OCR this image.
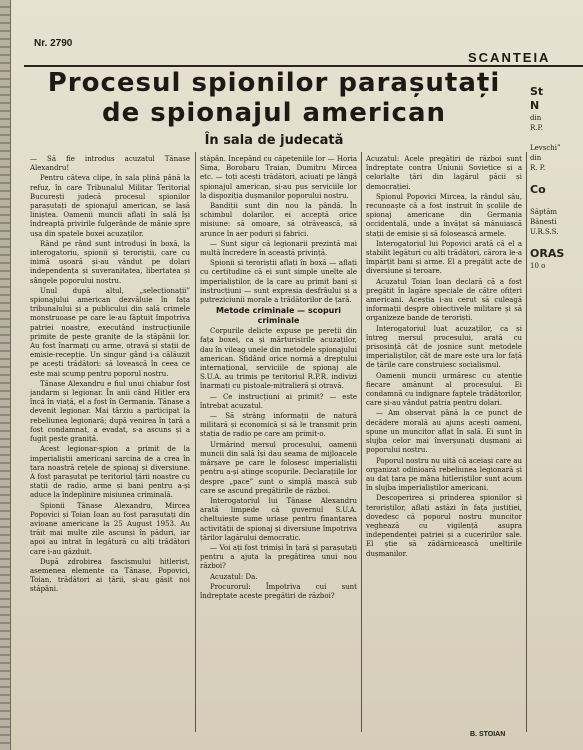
Nr. 2790
SCANTEIA
Procesul spionilor parașutați
de spionajul american
În sala de judecată

— Să fie introdus acuzatul Tănase Alexandru!

Pentru câteva clipe, în sala plină până la refuz, în care Tribunalul Militar Teritorial București judecă procesul spionilor parașutați de spionajul american, se lasă liniștea. Oamenii muncii aflați în sală își îndreaptă privirile fulgerânde de mânie spre ușa din spatele boxei acuzaților.

Rând pe rând sunt introduși în boxă, la interogatoriu, spionii și teroriștii, care cu inimă ușoară și-au vândut pe dolari independența și suveranitatea, libertatea și sângele poporului nostru.

Unul după altul, „selecționații” spionajului american dezvăluie în fața tribunalului și a publicului din sală crimele monstruoase pe care le-au făptuit împotriva patriei noastre, executând instrucțiunile primite de peste granițe de la stăpânii lor. Au fost înarmați cu arme, otravă și stații de emisie-recepție. Un singur gând i-a călăuzit pe acești trădători: să lovească în ceea ce este mai scump pentru poporul nostru.

Tănase Alexandru e fiul unui chiabur fost jandarm și legionar. În anii când Hitler era încă în viață, el a fost în Germania. Tănase a devenit legionar. Mai târziu a participat la rebeliunea legionară; după venirea în țară a fost condamnat, a evadat, s-a ascuns și a fugit peste graniță.

Acest legionar-spion a primit de la imperialiștii americani sarcina de a crea în țara noastră rețele de spionaj și diversiune. A fost parașutat pe teritoriul țării noastre cu stații de radio, arme și bani pentru a-și aduce la îndeplinire misiunea criminală.

Spionii Tănase Alexandru, Mircea Popovici și Toian Ioan au fost parașutați din avioane americane la 25 August 1953. Au trăit mai multe zile ascunși în păduri, iar apoi au intrat în legătură cu alți trădători care i-au găzduit.

După zdrobirea fascismului hitlerist, asemenea elemente ca Tănase, Popovici, Toian, trădători ai țării, și-au găsit noi stăpâni.

stăpân. Începând cu căpeteniile lor — Horia Sima, Borobaru Traian, Dumitru Mircea etc. — toți acești trădători, aciuați pe lângă spionajul american, și-au pus serviciile lor la dispoziția dușmanilor poporului nostru.

Bandiții sunt din nou la pândă. În schimbul dolarilor, ei acceptă orice misiune: să omoare, să otrăvească, să arunce în aer poduri și fabrici.

— Sunt sigur că legionarii prezintă mai multă încredere în această privință.

Spionii și teroriștii aflați în boxă — aflați cu certitudine că ei sunt simple unelte ale imperialiștilor, de la care au primit bani și instrucțiuni — sunt expresia desfrâului și a putreziciunii morale a trădătorilor de țară.

Metode criminale — scopuri criminale

Corpurile delicte expuse pe pereții din fața boxei, ca și mărturisirile acuzaților, dau în vileag unele din metodele spionajului american. Sfidând orice normă a dreptului internațional, serviciile de spionaj ale S.U.A. au trimis pe teritoriul R.P.R. indivizi înarmați cu pistoale-mitralieră și otravă.

— Ce instrucțiuni ai primit? — este întrebat acuzatul.

— Să strâng informații de natură militară și economică și să le transmit prin stația de radio pe care am primit-o.

Urmărind mersul procesului, oamenii muncii din sală își dau seama de mijloacele mârșave pe care le folosesc imperialiștii pentru a-și atinge scopurile. Declarațiile lor despre „pace” sunt o simplă mască sub care se ascund pregătirile de război.

Interogatoriul lui Tănase Alexandru arată limpede că guvernul S.U.A. cheltuiește sume uriașe pentru finanțarea activității de spionaj și diversiune împotriva țărilor lagărului democratic.

— Voi ați fost trimiși în țară și parașutați pentru a ajuta la pregătirea unui nou război?

Acuzatul: Da.

Procurorul: Împotriva cui sunt îndreptate aceste pregătiri de război?

Acuzatul: Acele pregătiri de război sunt îndreptate contra Uniunii Sovietice și a celorlalte țări din lagărul păcii și democrației.

Spionul Popovici Mircea, la rândul său, recunoaște că a fost instruit în școlile de spionaj americane din Germania occidentală, unde a învățat să mânuiască stații de emisie și să folosească armele.

Interogatoriul lui Popovici arată că el a stabilit legături cu alți trădători, cărora le-a împărțit bani și arme. El a pregătit acte de diversiune și teroare.

Acuzatul Toian Ioan declară că a fost pregătit în lagăre speciale de către ofițeri americani. Aceștia i-au cerut să culeagă informații despre obiectivele militare și să organizeze bande de teroriști.

Interogatoriul luat acuzaților, ca și întreg mersul procesului, arată cu prisosință cât de josnice sunt metodele imperialiștilor, cât de mare este ura lor față de țările care construiesc socialismul.

Oamenii muncii urmăresc cu atenție fiecare amănunt al procesului. Ei condamnă cu indignare faptele trădătorilor, care și-au vândut patria pentru dolari.

— Am observat până la ce punct de decădere morală au ajuns acești oameni, spune un muncitor aflat în sală. Ei sunt în slujba celor mai înverșunați dușmani ai poporului nostru.

Poporul nostru nu uită că aceiași care au organizat odinioară rebeliunea legionară și au dat țara pe mâna hitleriștilor sunt acum în slujba imperialiștilor americani.

Descoperirea și prinderea spionilor și teroriștilor, aflați astăzi în fața justiției, dovedesc că poporul nostru muncitor veghează cu vigilență asupra independenței patriei și a cuceririlor sale. El știe să zădărnicească uneltirile dușmanilor.

B. STOIAN
St
N
din
R.P.

Levschi”
din
R. P.

Co

Săptăm
Bănesti
U.R.S.S.

ORAS
10 o
